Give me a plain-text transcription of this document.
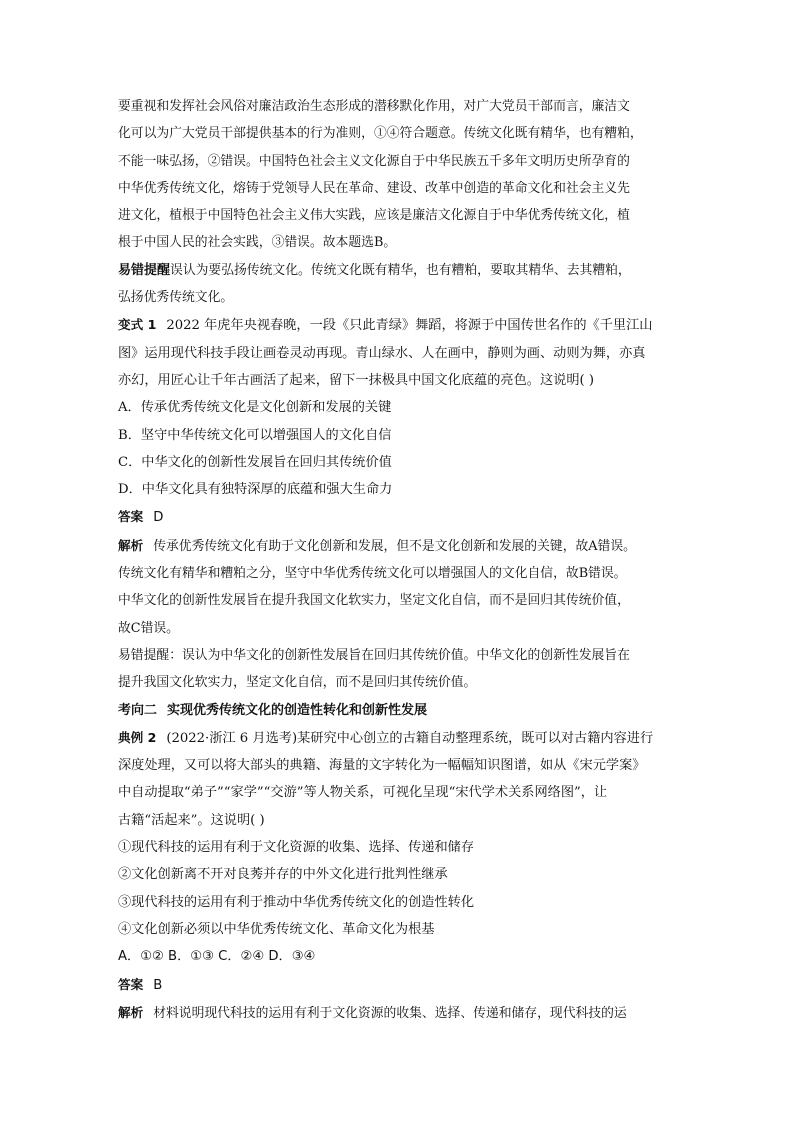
要重视和发挥社会风俗对廉洁政治生态形成的潜移默化作用，对广大党员干部而言，廉洁文
化可以为广大党员干部提供基本的行为准则，①④符合题意。传统文化既有精华，也有糟粕，
不能一味弘扬，②错误。中国特色社会主义文化源自于中华民族五千多年文明历史所孕育的
中华优秀传统文化，熔铸于党领导人民在革命、建设、改革中创造的革命文化和社会主义先
进文化，植根于中国特色社会主义伟大实践，应该是廉洁文化源自于中华优秀传统文化，植
根于中国人民的社会实践，③错误。故本题选B。
易错提醒误认为要弘扬传统文化。传统文化既有精华，也有糟粕，要取其精华、去其糟粕，
弘扬优秀传统文化。
变式 1 2022 年虎年央视春晚，一段《只此青绿》舞蹈，将源于中国传世名作的《千里江山
图》运用现代科技手段让画卷灵动再现。青山绿水、人在画中，静则为画、动则为舞，亦真
亦幻，用匠心让千年古画活了起来，留下一抹极具中国文化底蕴的亮色。这说明( )
A．传承优秀传统文化是文化创新和发展的关键
B．坚守中华传统文化可以增强国人的文化自信
C．中华文化的创新性发展旨在回归其传统价值
D．中华文化具有独特深厚的底蕴和强大生命力
答案 D
解析 传承优秀传统文化有助于文化创新和发展，但不是文化创新和发展的关键，故A错误。
传统文化有精华和糟粕之分，坚守中华优秀传统文化可以增强国人的文化自信，故B错误。
中华文化的创新性发展旨在提升我国文化软实力，坚定文化自信，而不是回归其传统价值，
故C错误。
易错提醒：误认为中华文化的创新性发展旨在回归其传统价值。中华文化的创新性发展旨在
提升我国文化软实力，坚定文化自信，而不是回归其传统价值。
考向二 实现优秀传统文化的创造性转化和创新性发展
典例 2 (2022·浙江 6 月选考)某研究中心创立的古籍自动整理系统，既可以对古籍内容进行
深度处理，又可以将大部头的典籍、海量的文字转化为一幅幅知识图谱，如从《宋元学案》
中自动提取“弟子”“家学”“交游”等人物关系，可视化呈现“宋代学术关系网络图”，让
古籍“活起来”。这说明( )
①现代科技的运用有利于文化资源的收集、选择、传递和储存
②文化创新离不开对良莠并存的中外文化进行批判性继承
③现代科技的运用有利于推动中华优秀传统文化的创造性转化
④文化创新必须以中华优秀传统文化、革命文化为根基
A．①② B．①③ C．②④ D．③④
答案 B
解析 材料说明现代科技的运用有利于文化资源的收集、选择、传递和储存，现代科技的运
